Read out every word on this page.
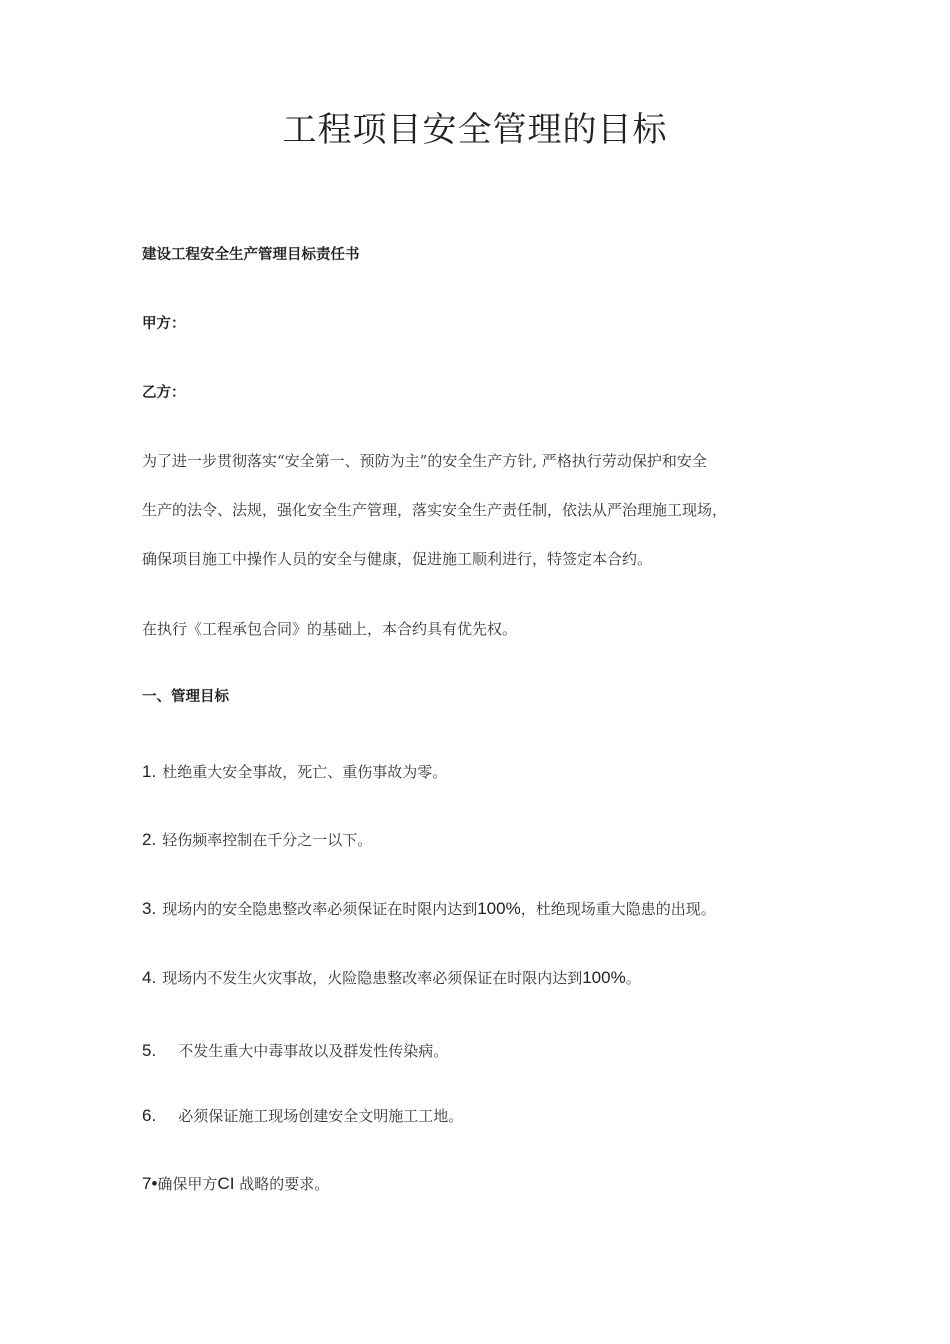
工程项目安全管理的目标
建设工程安全生产管理目标责任书
甲方：
乙方：
为了进一步贯彻落实“安全第一、预防为主”的安全生产方针, 严格执行劳动保护和安全
生产的法令、法规，强化安全生产管理，落实安全生产责任制，依法从严治理施工现场，
确保项目施工中操作人员的安全与健康，促进施工顺利进行，特签定本合约。
在执行《工程承包合同》的基础上，本合约具有优先权。
一、管理目标
1. 杜绝重大安全事故，死亡、重伤事故为零。
2. 轻伤频率控制在千分之一以下。
3. 现场内的安全隐患整改率必须保证在时限内达到100%，杜绝现场重大隐患的出现。
4. 现场内不发生火灾事故，火险隐患整改率必须保证在时限内达到100%。
5. 不发生重大中毒事故以及群发性传染病。
6. 必须保证施工现场创建安全文明施工工地。
7•确保甲方CI 战略的要求。
